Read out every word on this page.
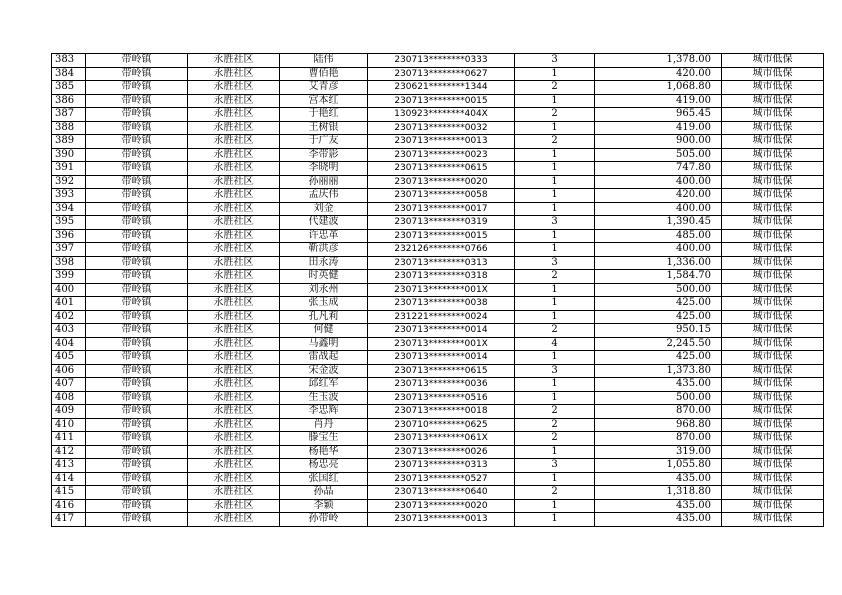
383	带岭镇	永胜社区	陆伟	230713********0333	3	1,378.00	城市低保
384	带岭镇	永胜社区	曹佰艳	230713********0627	1	420.00	城市低保
385	带岭镇	永胜社区	艾青彦	230621********1344	2	1,068.80	城市低保
386	带岭镇	永胜社区	宫本红	230713********0015	1	419.00	城市低保
387	带岭镇	永胜社区	于艳红	130923********404X	2	965.45	城市低保
388	带岭镇	永胜社区	王树银	230713********0032	1	419.00	城市低保
389	带岭镇	永胜社区	于广友	230713********0013	2	900.00	城市低保
390	带岭镇	永胜社区	李带影	230713********0023	1	505.00	城市低保
391	带岭镇	永胜社区	李晓明	230713********0615	1	747.80	城市低保
392	带岭镇	永胜社区	孙丽丽	230713********0020	1	400.00	城市低保
393	带岭镇	永胜社区	孟庆伟	230713********0058	1	420.00	城市低保
394	带岭镇	永胜社区	刘金	230713********0017	1	400.00	城市低保
395	带岭镇	永胜社区	代建波	230713********0319	3	1,390.45	城市低保
396	带岭镇	永胜社区	许忠革	230713********0015	1	485.00	城市低保
397	带岭镇	永胜社区	靳洪彦	232126********0766	1	400.00	城市低保
398	带岭镇	永胜社区	田永涛	230713********0313	3	1,336.00	城市低保
399	带岭镇	永胜社区	时英健	230713********0318	2	1,584.70	城市低保
400	带岭镇	永胜社区	刘永州	230713********001X	1	500.00	城市低保
401	带岭镇	永胜社区	张玉成	230713********0038	1	425.00	城市低保
402	带岭镇	永胜社区	孔凡莉	231221********0024	1	425.00	城市低保
403	带岭镇	永胜社区	何健	230713********0014	2	950.15	城市低保
404	带岭镇	永胜社区	马鑫明	230713********001X	4	2,245.50	城市低保
405	带岭镇	永胜社区	雷战起	230713********0014	1	425.00	城市低保
406	带岭镇	永胜社区	宋金波	230713********0615	3	1,373.80	城市低保
407	带岭镇	永胜社区	邱红军	230713********0036	1	435.00	城市低保
408	带岭镇	永胜社区	生玉波	230713********0516	1	500.00	城市低保
409	带岭镇	永胜社区	李忠辉	230713********0018	2	870.00	城市低保
410	带岭镇	永胜社区	肖丹	230710********0625	2	968.80	城市低保
411	带岭镇	永胜社区	滕宝生	230713********061X	2	870.00	城市低保
412	带岭镇	永胜社区	杨艳华	230713********0026	1	319.00	城市低保
413	带岭镇	永胜社区	杨忠亮	230713********0313	3	1,055.80	城市低保
414	带岭镇	永胜社区	张国红	230713********0527	1	435.00	城市低保
415	带岭镇	永胜社区	孙晶	230713********0640	2	1,318.80	城市低保
416	带岭镇	永胜社区	李颖	230713********0020	1	435.00	城市低保
417	带岭镇	永胜社区	孙带岭	230713********0013	1	435.00	城市低保
